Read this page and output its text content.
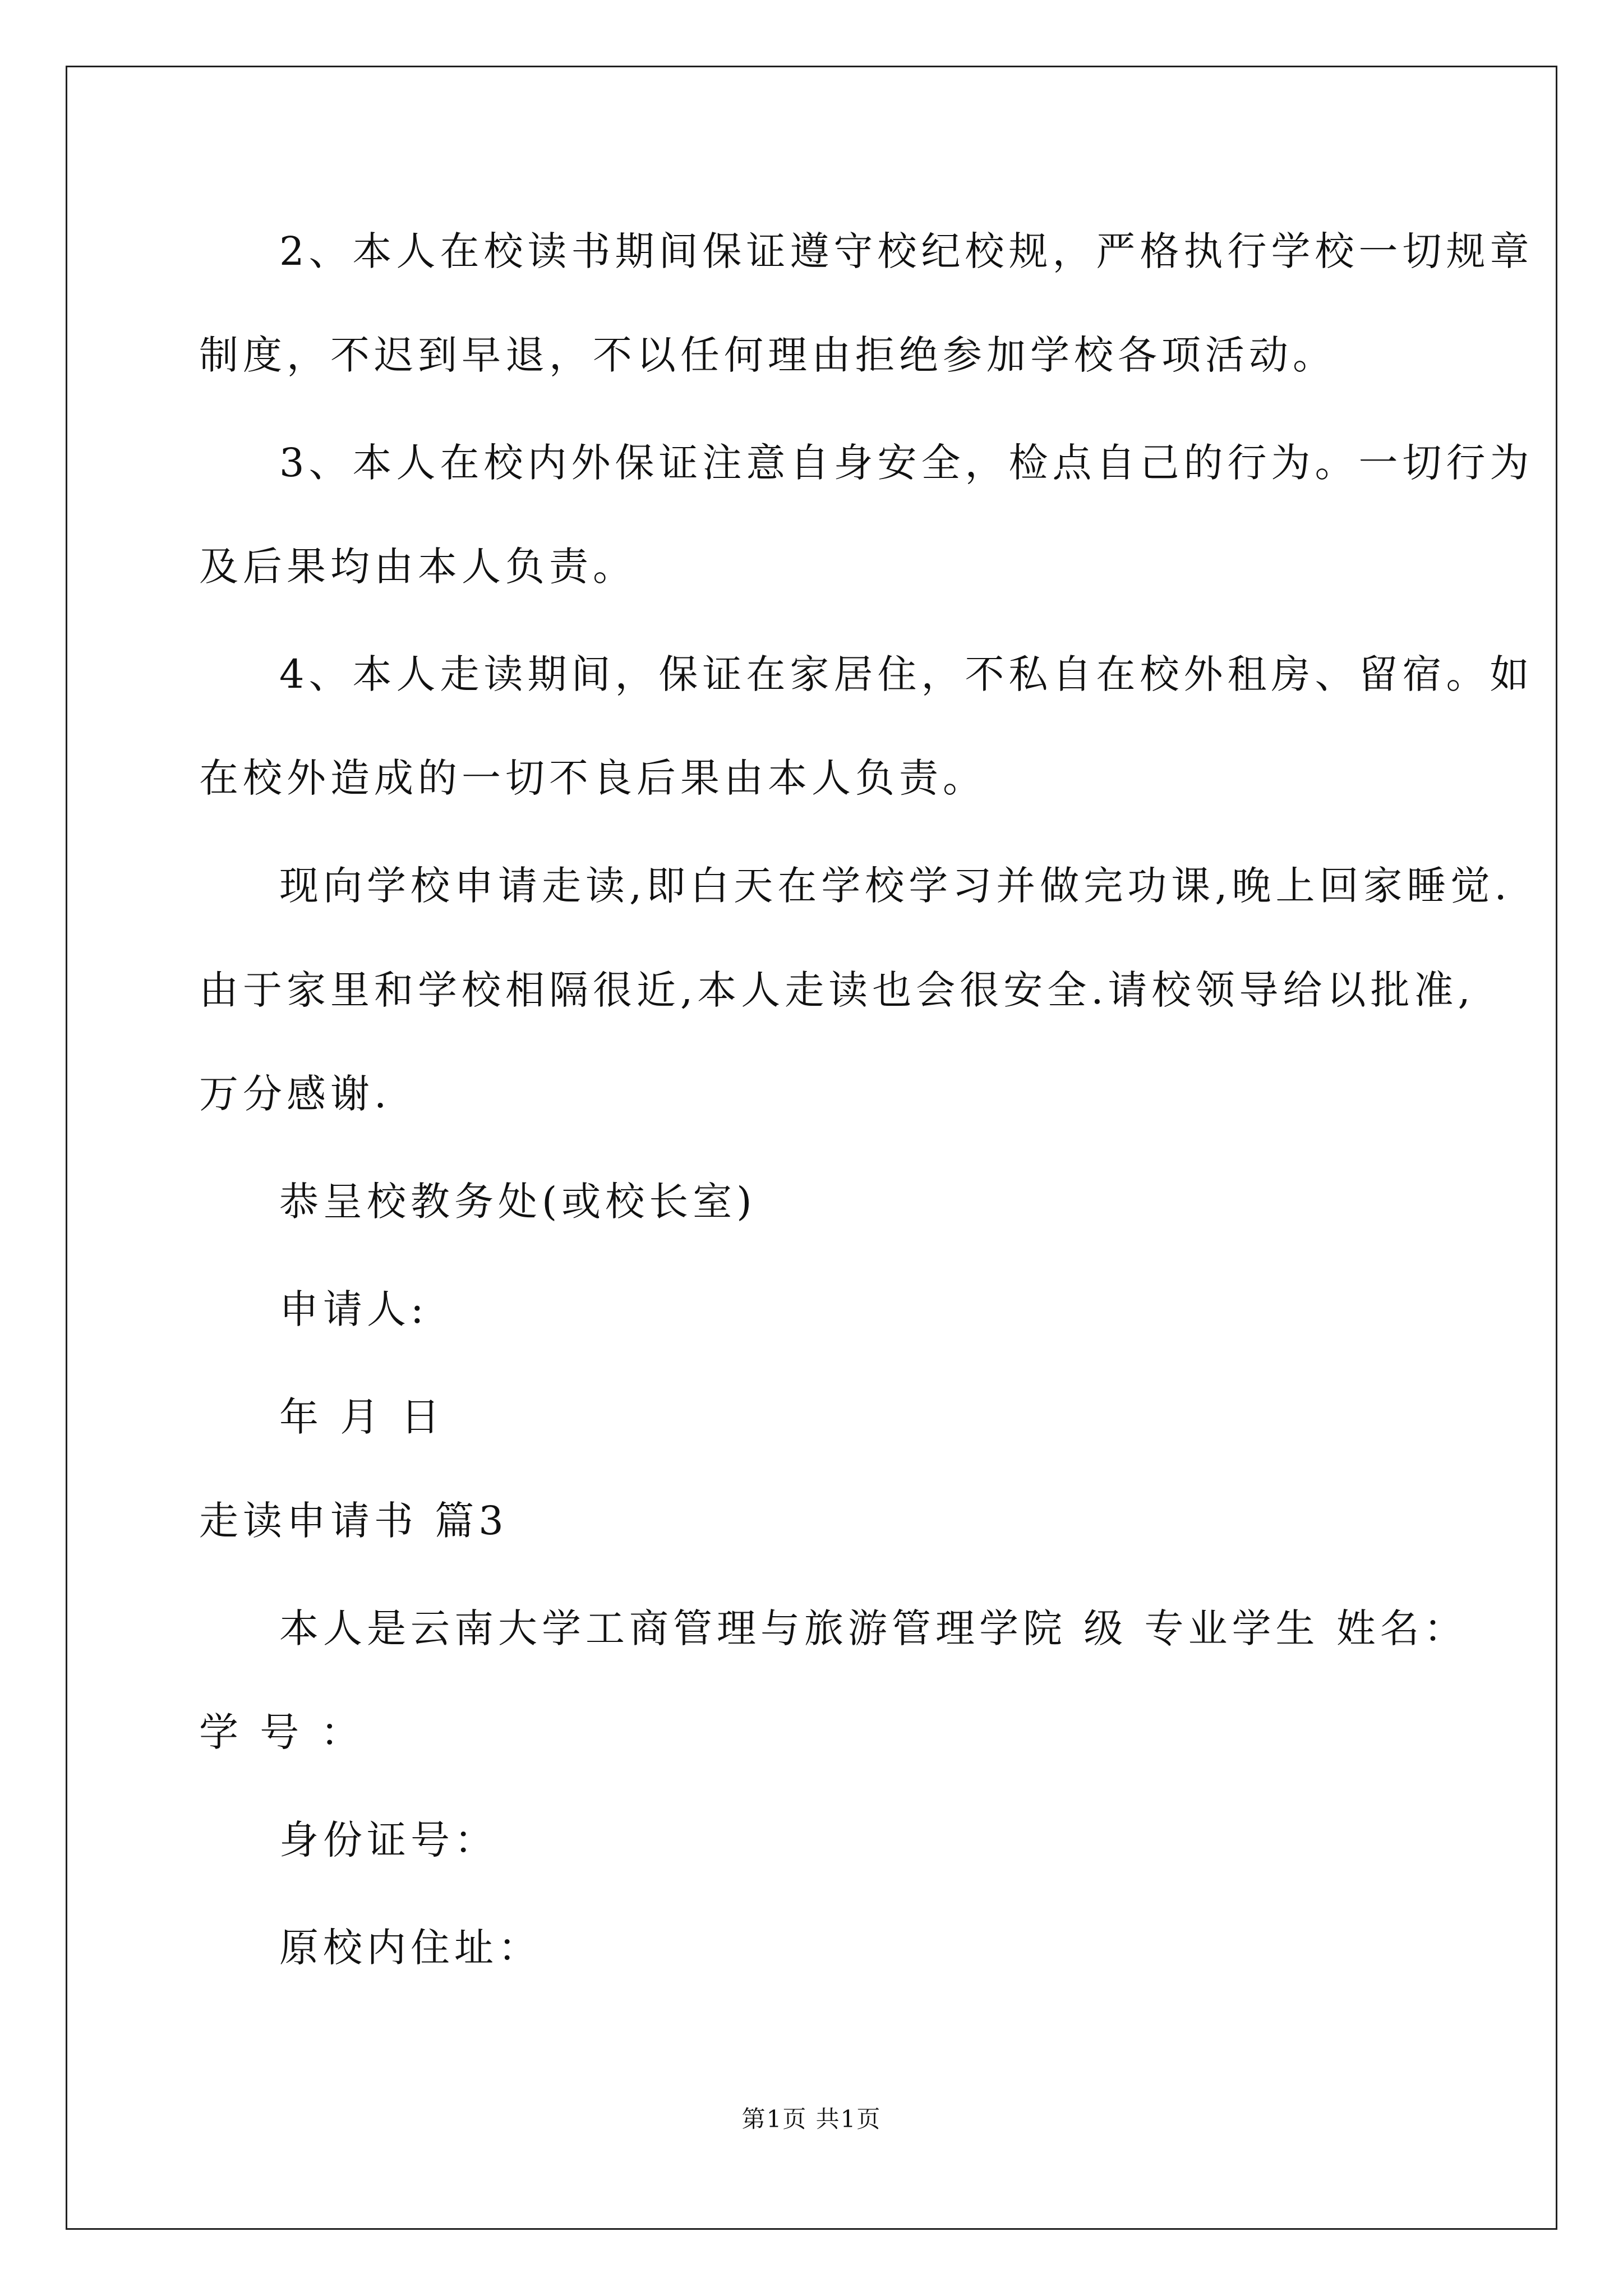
2、本人在校读书期间保证遵守校纪校规，严格执行学校一切规章
制度，不迟到早退，不以任何理由拒绝参加学校各项活动。
3、本人在校内外保证注意自身安全，检点自己的行为。一切行为
及后果均由本人负责。
4、本人走读期间，保证在家居住，不私自在校外租房、留宿。如
在校外造成的一切不良后果由本人负责。
现向学校申请走读,即白天在学校学习并做完功课,晚上回家睡觉.
由于家里和学校相隔很近,本人走读也会很安全.请校领导给以批准,
万分感谢.
恭呈校教务处(或校长室)
申请人:
年 月 日
走读申请书 篇3
本人是云南大学工商管理与旅游管理学院 级 专业学生 姓名：
学 号 ：
身份证号：
原校内住址：
第1页 共1页
